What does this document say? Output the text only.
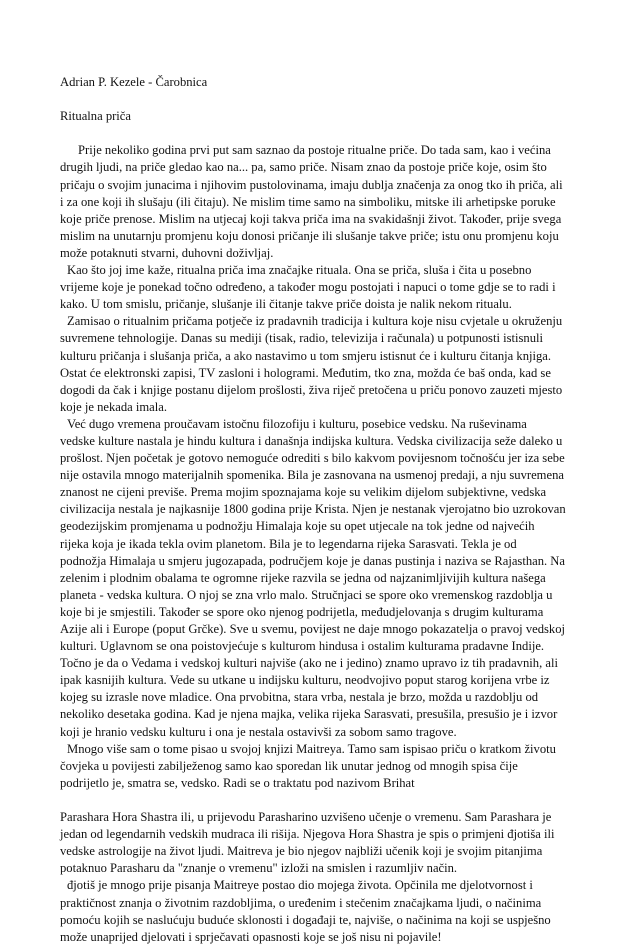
Adrian P. Kezele - Čarobnica

Ritualna priča

Prije nekoliko godina prvi put sam saznao da postoje ritualne priče. Do tada sam, kao i većina
drugih ljudi, na priče gledao kao na... pa, samo priče. Nisam znao da postoje priče koje, osim što
pričaju o svojim junacima i njihovim pustolovinama, imaju dublja značenja za onog tko ih priča, ali
i za one koji ih slušaju (ili čitaju). Ne mislim time samo na simboliku, mitske ili arhetipske poruke
koje priče prenose. Mislim na utjecaj koji takva priča ima na svakidašnji život. Također, prije svega
mislim na unutarnju promjenu koju donosi pričanje ili slušanje takve priče; istu onu promjenu koju
može potaknuti stvarni, duhovni doživljaj.

Kao što joj ime kaže, ritualna priča ima značajke rituala. Ona se priča, sluša i čita u posebno
vrijeme koje je ponekad točno određeno, a također mogu postojati i napuci o tome gdje se to radi i
kako. U tom smislu, pričanje, slušanje ili čitanje takve priče doista je nalik nekom ritualu.

Zamisao o ritualnim pričama potječe iz pradavnih tradicija i kultura koje nisu cvjetale u okruženju
suvremene tehnologije. Danas su mediji (tisak, radio, televizija i računala) u potpunosti istisnuli
kulturu pričanja i slušanja priča, a ako nastavimo u tom smjeru istisnut će i kulturu čitanja knjiga.
Ostat će elektronski zapisi, TV zasloni i hologrami. Međutim, tko zna, možda će baš onda, kad se
dogodi da čak i knjige postanu dijelom prošlosti, živa riječ pretočena u priču ponovo zauzeti mjesto
koje je nekada imala.

Već dugo vremena proučavam istočnu filozofiju i kulturu, posebice vedsku. Na ruševinama
vedske kulture nastala je hindu kultura i današnja indijska kultura. Vedska civilizacija seže daleko u
prošlost. Njen početak je gotovo nemoguće odrediti s bilo kakvom povijesnom točnošću jer iza sebe
nije ostavila mnogo materijalnih spomenika. Bila je zasnovana na usmenoj predaji, a nju suvremena
znanost ne cijeni previše. Prema mojim spoznajama koje su velikim dijelom subjektivne, vedska
civilizacija nestala je najkasnije 1800 godina prije Krista. Njen je nestanak vjerojatno bio uzrokovan
geodezijskim promjenama u podnožju Himalaja koje su opet utjecale na tok jedne od najvećih
rijeka koja je ikada tekla ovim planetom. Bila je to legendarna rijeka Sarasvati. Tekla je od
podnožja Himalaja u smjeru jugozapada, područjem koje je danas pustinja i naziva se Rajasthan. Na
zelenim i plodnim obalama te ogromne rijeke razvila se jedna od najzanimljivijih kultura našega
planeta - vedska kultura. O njoj se zna vrlo malo. Stručnjaci se spore oko vremenskog razdoblja u
koje bi je smjestili. Također se spore oko njenog podrijetla, međudjelovanja s drugim kulturama
Azije ali i Europe (poput Grčke). Sve u svemu, povijest ne daje mnogo pokazatelja o pravoj vedskoj
kulturi. Uglavnom se ona poistovjećuje s kulturom hindusa i ostalim kulturama pradavne Indije.
Točno je da o Vedama i vedskoj kulturi najviše (ako ne i jedino) znamo upravo iz tih pradavnih, ali
ipak kasnijih kultura. Vede su utkane u indijsku kulturu, neodvojivo poput starog korijena vrbe iz
kojeg su izrasle nove mladice. Ona prvobitna, stara vrba, nestala je brzo, možda u razdoblju od
nekoliko desetaka godina. Kad je njena majka, velika rijeka Sarasvati, presušila, presušio je i izvor
koji je hranio vedsku kulturu i ona je nestala ostavivši za sobom samo tragove.

Mnogo više sam o tome pisao u svojoj knjizi Maitreya. Tamo sam ispisao priču o kratkom životu
čovjeka u povijesti zabilježenog samo kao sporedan lik unutar jednog od mnogih spisa čije
podrijetlo je, smatra se, vedsko. Radi se o traktatu pod nazivom Brihat

Parashara Hora Shastra ili, u prijevodu Parasharino uzvišeno učenje o vremenu. Sam Parashara je
jedan od legendarnih vedskih mudraca ili rišija. Njegova Hora Shastra je spis o primjeni đjotiša ili
vedske astrologije na život ljudi. Maitreva je bio njegov najbliži učenik koji je svojim pitanjima
potaknuo Parasharu da "znanje o vremenu" izloži na smislen i razumljiv način.

đjotiš je mnogo prije pisanja Maitreye postao dio mojega života. Opčinila me djelotvornost i
praktičnost znanja o životnim razdobljima, o uređenim i stečenim značajkama ljudi, o načinima
pomoću kojih se naslućuju buduće sklonosti i događaji te, najviše, o načinima na koji se uspješno
može unaprijed djelovati i sprječavati opasnosti koje se još nisu ni pojavile!
